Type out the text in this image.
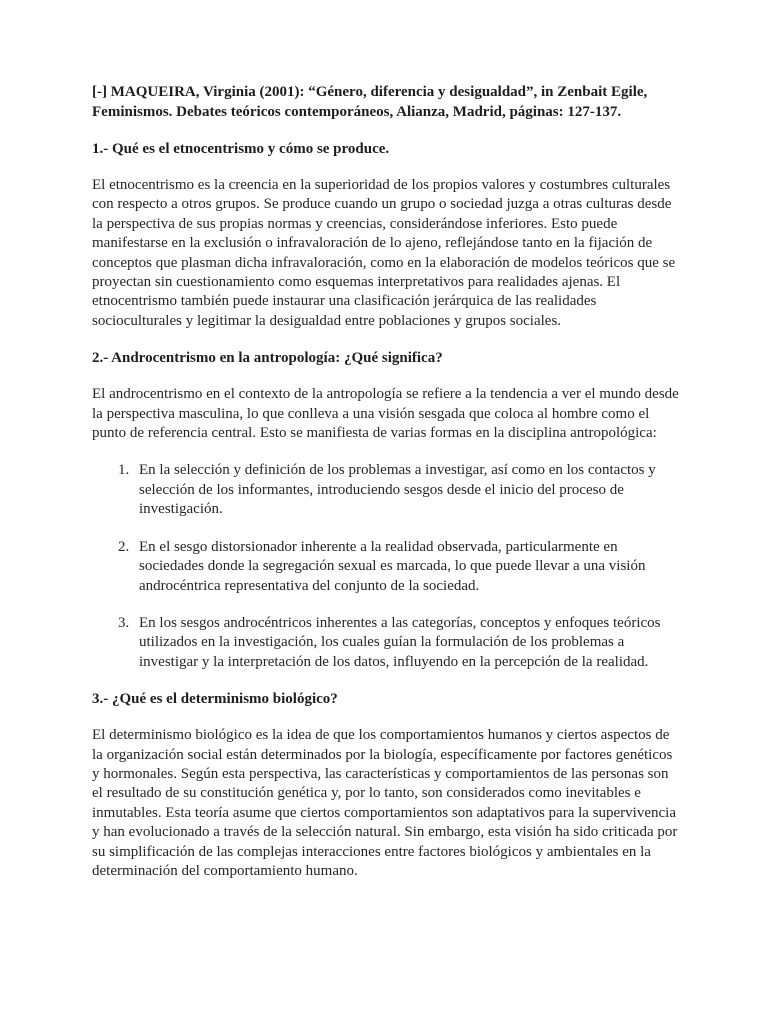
[-] MAQUEIRA, Virginia (2001): “Género, diferencia y desigualdad”, in Zenbait Egile, Feminismos. Debates teóricos contemporáneos, Alianza, Madrid, páginas: 127-137.

1.- Qué es el etnocentrismo y cómo se produce.

El etnocentrismo es la creencia en la superioridad de los propios valores y costumbres culturales con respecto a otros grupos. Se produce cuando un grupo o sociedad juzga a otras culturas desde la perspectiva de sus propias normas y creencias, considerándose inferiores. Esto puede manifestarse en la exclusión o infravaloración de lo ajeno, reflejándose tanto en la fijación de conceptos que plasman dicha infravaloración, como en la elaboración de modelos teóricos que se proyectan sin cuestionamiento como esquemas interpretativos para realidades ajenas. El etnocentrismo también puede instaurar una clasificación jerárquica de las realidades socioculturales y legitimar la desigualdad entre poblaciones y grupos sociales.

2.- Androcentrismo en la antropología: ¿Qué significa?

El androcentrismo en el contexto de la antropología se refiere a la tendencia a ver el mundo desde la perspectiva masculina, lo que conlleva a una visión sesgada que coloca al hombre como el punto de referencia central. Esto se manifiesta de varias formas en la disciplina antropológica:

1. En la selección y definición de los problemas a investigar, así como en los contactos y selección de los informantes, introduciendo sesgos desde el inicio del proceso de investigación.
2. En el sesgo distorsionador inherente a la realidad observada, particularmente en sociedades donde la segregación sexual es marcada, lo que puede llevar a una visión androcéntrica representativa del conjunto de la sociedad.
3. En los sesgos androcéntricos inherentes a las categorías, conceptos y enfoques teóricos utilizados en la investigación, los cuales guían la formulación de los problemas a investigar y la interpretación de los datos, influyendo en la percepción de la realidad.

3.- ¿Qué es el determinismo biológico?

El determinismo biológico es la idea de que los comportamientos humanos y ciertos aspectos de la organización social están determinados por la biología, específicamente por factores genéticos y hormonales. Según esta perspectiva, las características y comportamientos de las personas son el resultado de su constitución genética y, por lo tanto, son considerados como inevitables e inmutables. Esta teoría asume que ciertos comportamientos son adaptativos para la supervivencia y han evolucionado a través de la selección natural. Sin embargo, esta visión ha sido criticada por su simplificación de las complejas interacciones entre factores biológicos y ambientales en la determinación del comportamiento humano.
